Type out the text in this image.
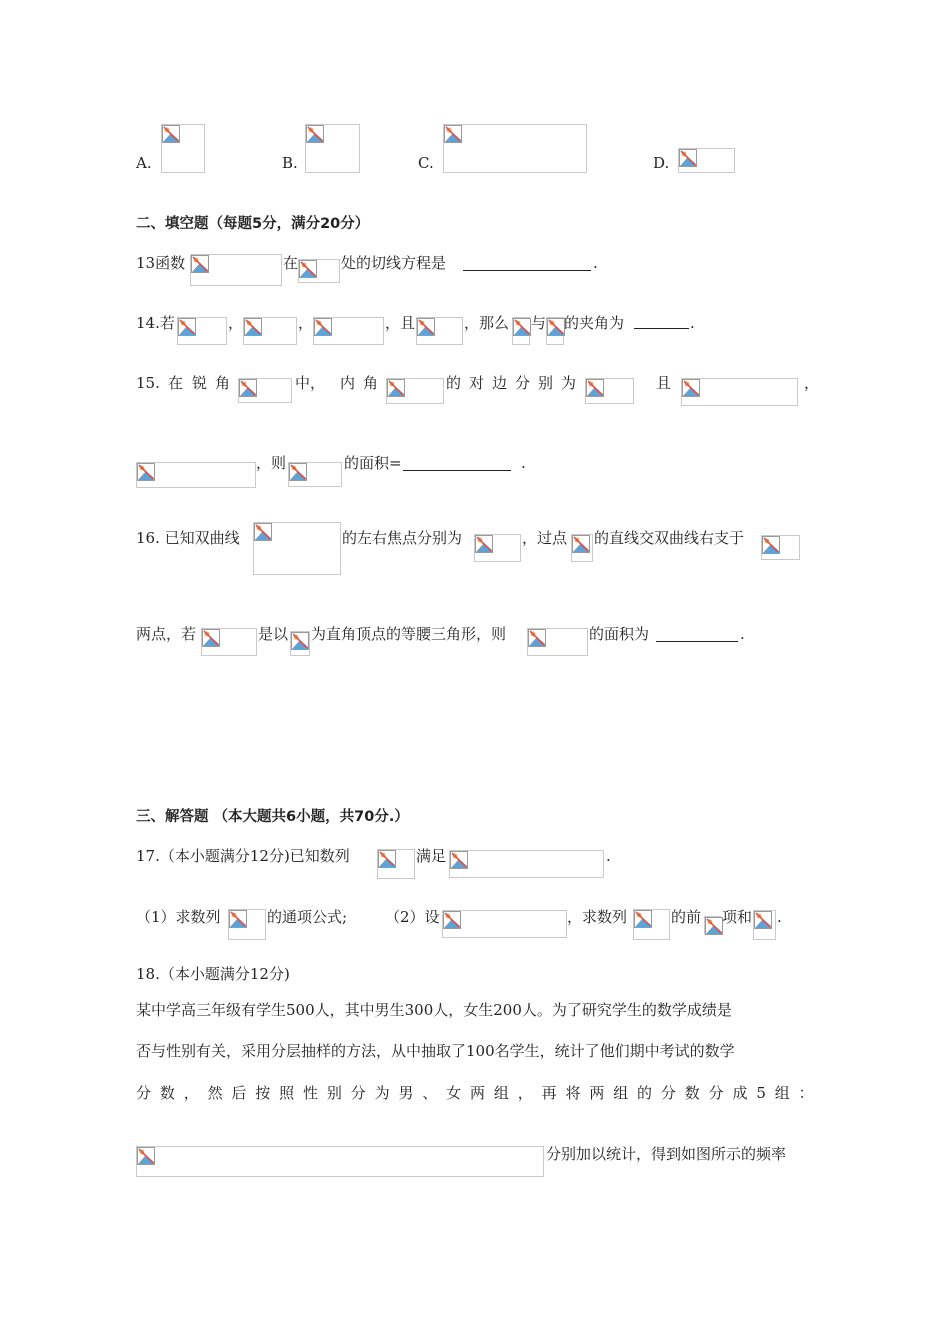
A.	B.	C.	D.
二、填空题（每题5分，满分20分）
13函数	在	处的切线方程是	.
14.若	，	，	，且	，那么 与 的夹角为	.
15. 在 锐 角	中， 内 角	的 对 边 分 别 为	且	，
，则	的面积=	.
16. 已知双曲线	的左右焦点分别为	，过点 的直线交双曲线右支于
两点，若	是以 为直角顶点的等腰三角形，则	的面积为	.
三、解答题 （本大题共6小题，共70分.）
17.（本小题满分12分)已知数列	满足	.
（1）求数列	的通项公式;	（2）设	，求数列	的前 项和 .
18.（本小题满分12分)
某中学高三年级有学生500人，其中男生300人，女生200人。为了研究学生的数学成绩是
否与性别有关，采用分层抽样的方法，从中抽取了100名学生，统计了他们期中考试的数学
分 数 ， 然 后 按 照 性 别 分 为 男 、 女 两 组 ， 再 将 两 组 的 分 数 分 成 5 组 ：
分别加以统计，得到如图所示的频率
